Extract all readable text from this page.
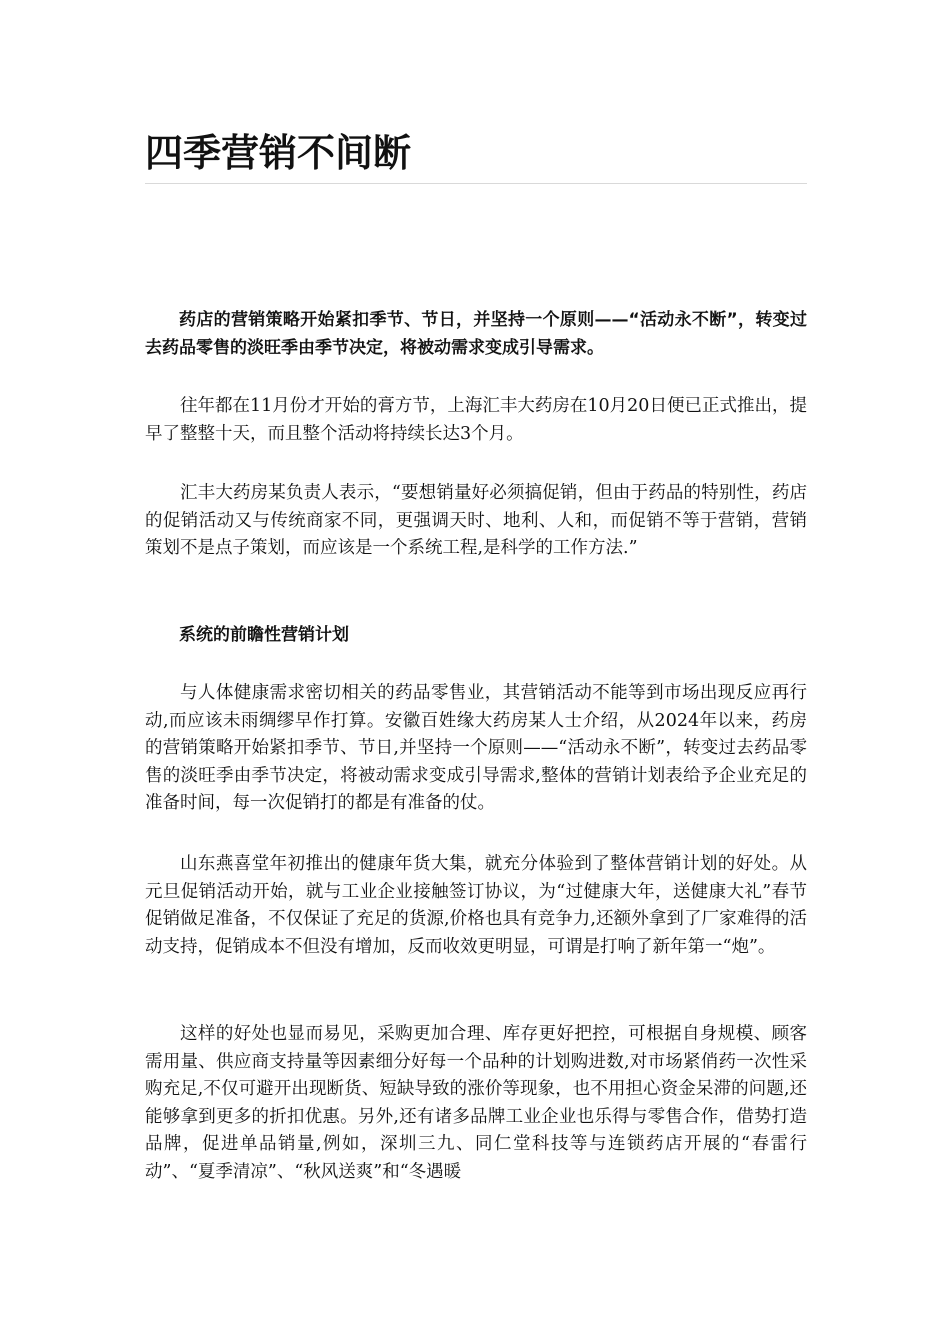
四季营销不间断

药店的营销策略开始紧扣季节、节日，并坚持一个原则——“活动永不断”，转变过去药品零售的淡旺季由季节决定，将被动需求变成引导需求。

往年都在11月份才开始的膏方节，上海汇丰大药房在10月20日便已正式推出，提早了整整十天，而且整个活动将持续长达3个月。

汇丰大药房某负责人表示，“要想销量好必须搞促销，但由于药品的特别性，药店的促销活动又与传统商家不同，更强调天时、地利、人和，而促销不等于营销，营销策划不是点子策划，而应该是一个系统工程,是科学的工作方法.”

系统的前瞻性营销计划

与人体健康需求密切相关的药品零售业，其营销活动不能等到市场出现反应再行动,而应该未雨绸缪早作打算。安徽百姓缘大药房某人士介绍，从2024年以来，药房的营销策略开始紧扣季节、节日,并坚持一个原则——“活动永不断”，转变过去药品零售的淡旺季由季节决定，将被动需求变成引导需求,整体的营销计划表给予企业充足的准备时间，每一次促销打的都是有准备的仗。

山东燕喜堂年初推出的健康年货大集，就充分体验到了整体营销计划的好处。从元旦促销活动开始，就与工业企业接触签订协议，为“过健康大年，送健康大礼”春节促销做足准备，不仅保证了充足的货源,价格也具有竞争力,还额外拿到了厂家难得的活动支持，促销成本不但没有增加，反而收效更明显，可谓是打响了新年第一“炮”。

这样的好处也显而易见，采购更加合理、库存更好把控，可根据自身规模、顾客需用量、供应商支持量等因素细分好每一个品种的计划购进数,对市场紧俏药一次性采购充足,不仅可避开出现断货、短缺导致的涨价等现象，也不用担心资金呆滞的问题,还能够拿到更多的折扣优惠。另外,还有诸多品牌工业企业也乐得与零售合作，借势打造品牌，促进单品销量,例如，深圳三九、同仁堂科技等与连锁药店开展的“春雷行动”、“夏季清凉”、“秋风送爽”和“冬遇暖
